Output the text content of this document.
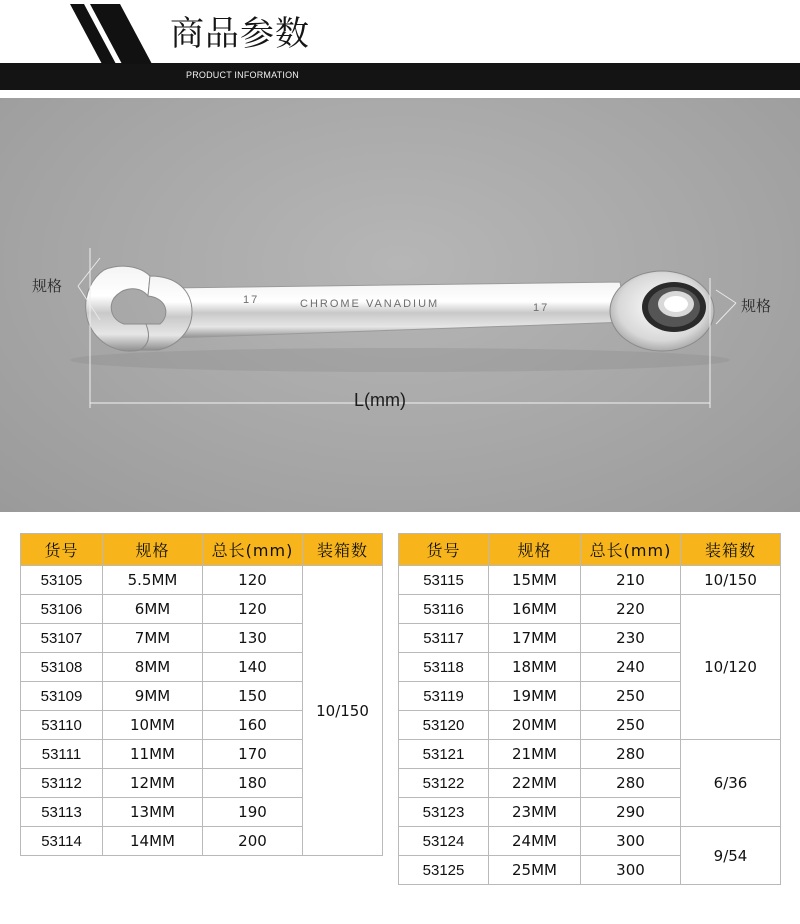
商品参数
PRODUCT INFORMATION
规格
规格
L(mm)
17	CHROME VANADIUM	17
货号	规格	总长(mm)	装箱数
53105	5.5MM	120	10/150
53106	6MM	120	
53107	7MM	130	
53108	8MM	140	
53109	9MM	150	
53110	10MM	160	
53111	11MM	170	
53112	12MM	180	
53113	13MM	190	
53114	14MM	200	
货号	规格	总长(mm)	装箱数
53115	15MM	210	10/150
53116	16MM	220	10/120
53117	17MM	230	
53118	18MM	240	
53119	19MM	250	
53120	20MM	250	
53121	21MM	280	6/36
53122	22MM	280	
53123	23MM	290	
53124	24MM	300	9/54
53125	25MM	300	
